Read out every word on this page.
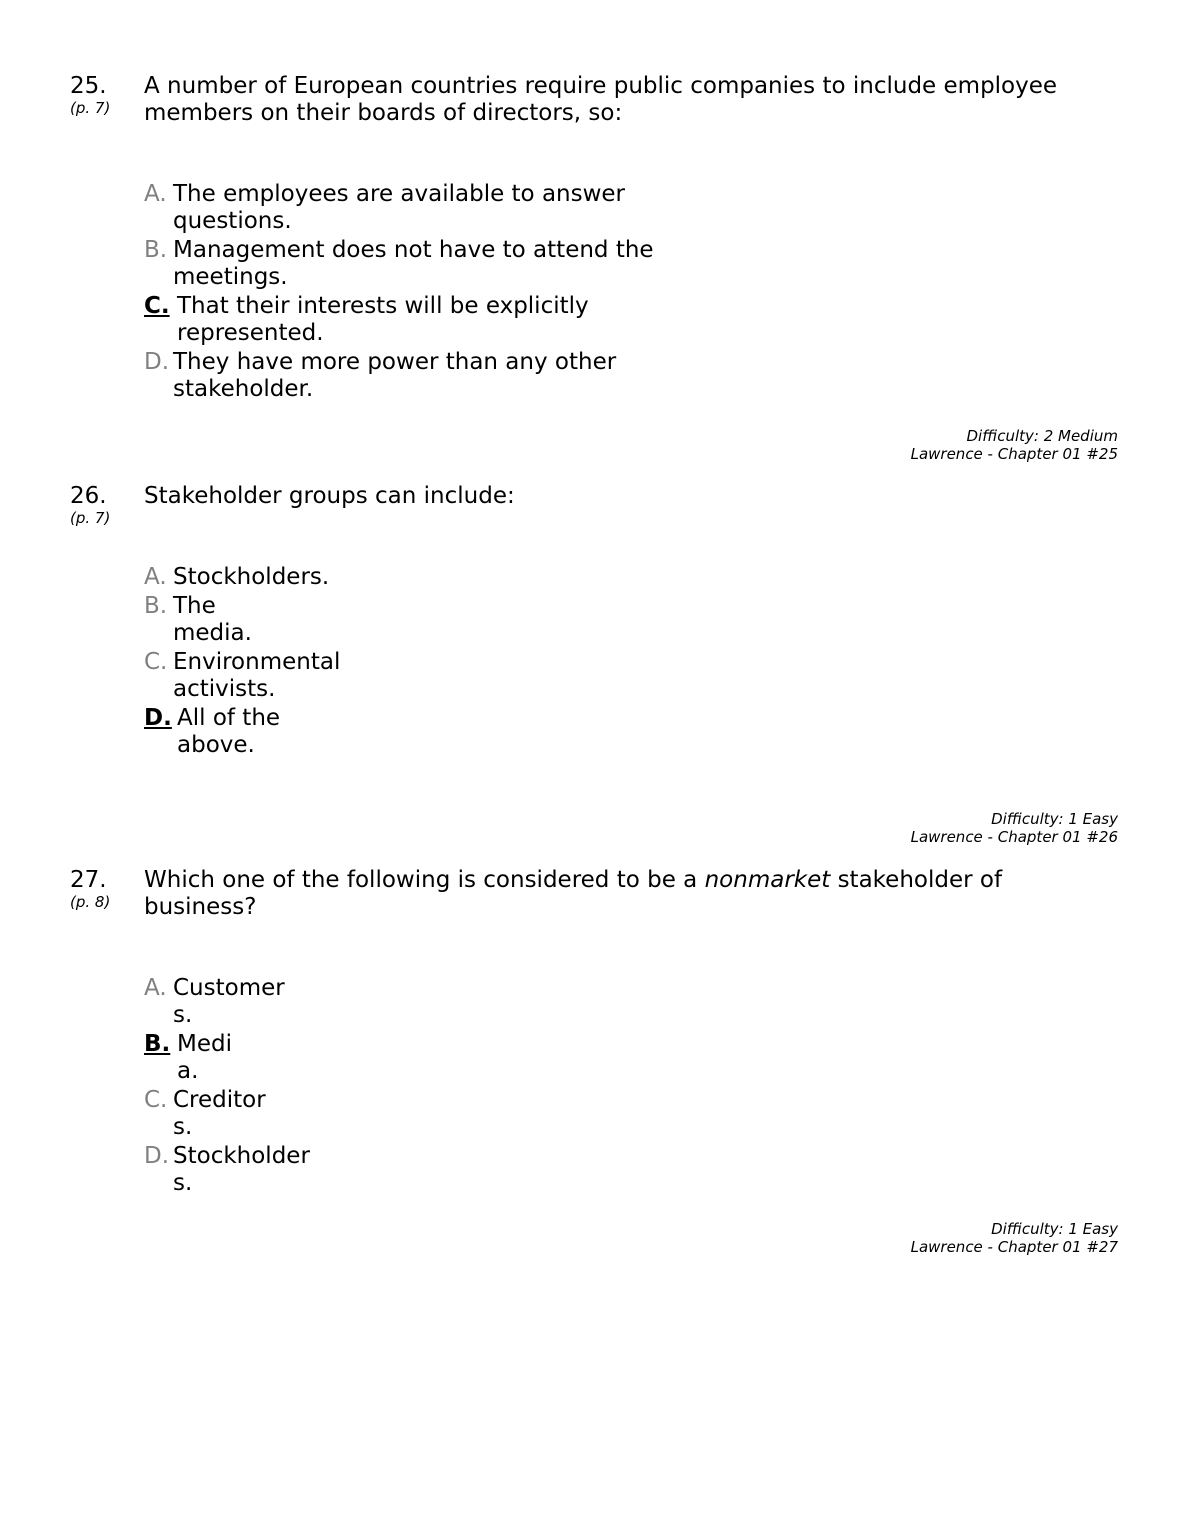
25.
(p. 7)
A number of European countries require public companies to include employee members on their boards of directors, so:
A. The employees are available to answer questions.
B. Management does not have to attend the meetings.
C. That their interests will be explicitly represented.
D. They have more power than any other stakeholder.
Difficulty: 2 Medium
Lawrence - Chapter 01 #25
26.
(p. 7)
Stakeholder groups can include:
A. Stockholders.
B. The media.
C. Environmental activists.
D. All of the above.
Difficulty: 1 Easy
Lawrence - Chapter 01 #26
27.
(p. 8)
Which one of the following is considered to be a nonmarket stakeholder of business?
A. Customers.
B. Media.
C. Creditors.
D. Stockholders.
Difficulty: 1 Easy
Lawrence - Chapter 01 #27
